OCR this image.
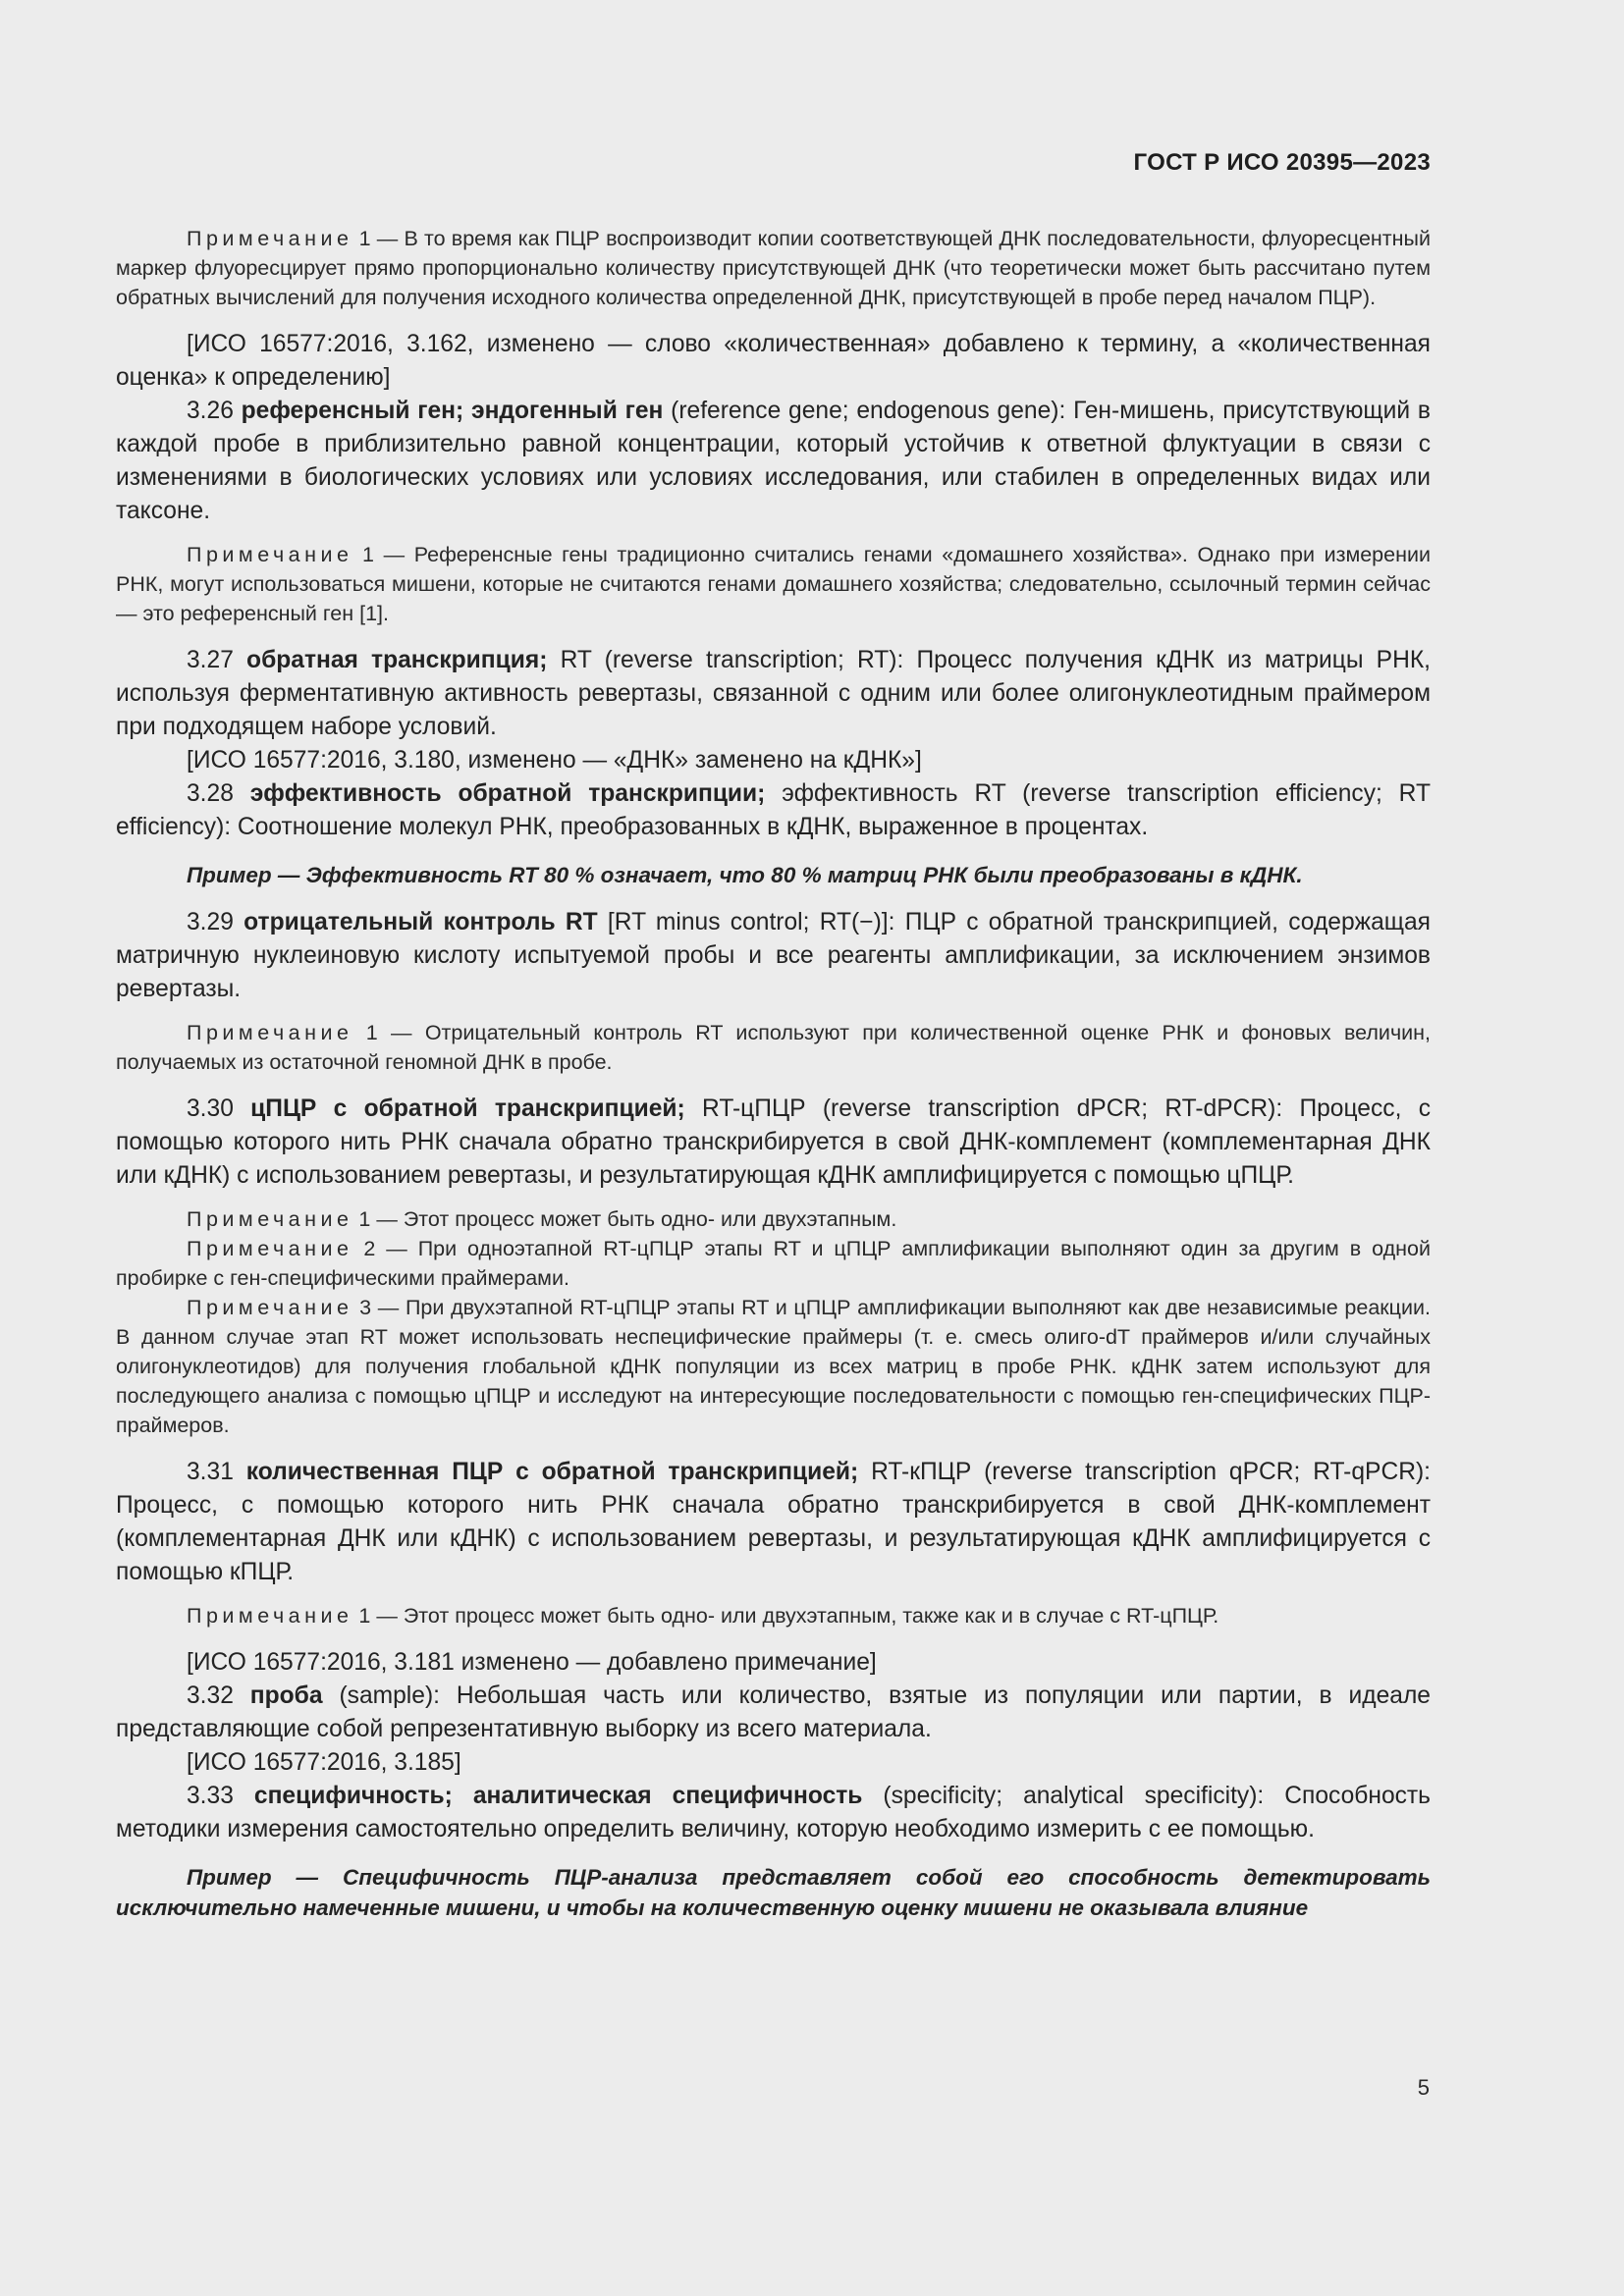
ГОСТ Р ИСО 20395—2023

Примечание 1 — В то время как ПЦР воспроизводит копии соответствующей ДНК последовательности, флуоресцентный маркер флуоресцирует прямо пропорционально количеству присутствующей ДНК (что теоретически может быть рассчитано путем обратных вычислений для получения исходного количества определенной ДНК, присутствующей в пробе перед началом ПЦР).

[ИСО 16577:2016, 3.162, изменено — слово «количественная» добавлено к термину, а «количественная оценка» к определению]

3.26 референсный ген; эндогенный ген (reference gene; endogenous gene): Ген-мишень, присутствующий в каждой пробе в приблизительно равной концентрации, который устойчив к ответной флуктуации в связи с изменениями в биологических условиях или условиях исследования, или стабилен в определенных видах или таксоне.

Примечание 1 — Референсные гены традиционно считались генами «домашнего хозяйства». Однако при измерении РНК, могут использоваться мишени, которые не считаются генами домашнего хозяйства; следовательно, ссылочный термин сейчас — это референсный ген [1].

3.27 обратная транскрипция; RT (reverse transcription; RT): Процесс получения кДНК из матрицы РНК, используя ферментативную активность ревертазы, связанной с одним или более олигонуклеотидным праймером при подходящем наборе условий.

[ИСО 16577:2016, 3.180, изменено — «ДНК» заменено на кДНК»]

3.28 эффективность обратной транскрипции; эффективность RT (reverse transcription efficiency; RT efficiency): Соотношение молекул РНК, преобразованных в кДНК, выраженное в процентах.

Пример — Эффективность RT 80 % означает, что 80 % матриц РНК были преобразованы в кДНК.

3.29 отрицательный контроль RT [RT minus control; RT(−)]: ПЦР с обратной транскрипцией, содержащая матричную нуклеиновую кислоту испытуемой пробы и все реагенты амплификации, за исключением энзимов ревертазы.

Примечание 1 — Отрицательный контроль RT используют при количественной оценке РНК и фоновых величин, получаемых из остаточной геномной ДНК в пробе.

3.30 цПЦР с обратной транскрипцией; RT-цПЦР (reverse transcription dPCR; RT-dPCR): Процесс, с помощью которого нить РНК сначала обратно транскрибируется в свой ДНК-комплемент (комплементарная ДНК или кДНК) с использованием ревертазы, и результатирующая кДНК амплифицируется с помощью цПЦР.

Примечание 1 — Этот процесс может быть одно- или двухэтапным.

Примечание 2 — При одноэтапной RT-цПЦР этапы RT и цПЦР амплификации выполняют один за другим в одной пробирке с ген-специфическими праймерами.

Примечание 3 — При двухэтапной RT-цПЦР этапы RT и цПЦР амплификации выполняют как две независимые реакции. В данном случае этап RT может использовать неспецифические праймеры (т. е. смесь олиго-dT праймеров и/или случайных олигонуклеотидов) для получения глобальной кДНК популяции из всех матриц в пробе РНК. кДНК затем используют для последующего анализа с помощью цПЦР и исследуют на интересующие последовательности с помощью ген-специфических ПЦР-праймеров.

3.31 количественная ПЦР с обратной транскрипцией; RT-кПЦР (reverse transcription qPCR; RT-qPCR): Процесс, с помощью которого нить РНК сначала обратно транскрибируется в свой ДНК-комплемент (комплементарная ДНК или кДНК) с использованием ревертазы, и результатирующая кДНК амплифицируется с помощью кПЦР.

Примечание 1 — Этот процесс может быть одно- или двухэтапным, также как и в случае с RT-цПЦР.

[ИСО 16577:2016, 3.181 изменено — добавлено примечание]

3.32 проба (sample): Небольшая часть или количество, взятые из популяции или партии, в идеале представляющие собой репрезентативную выборку из всего материала.

[ИСО 16577:2016, 3.185]

3.33 специфичность; аналитическая специфичность (specificity; analytical specificity): Способность методики измерения самостоятельно определить величину, которую необходимо измерить с ее помощью.

Пример — Специфичность ПЦР-анализа представляет собой его способность детектировать исключительно намеченные мишени, и чтобы на количественную оценку мишени не оказывала влияние

5
